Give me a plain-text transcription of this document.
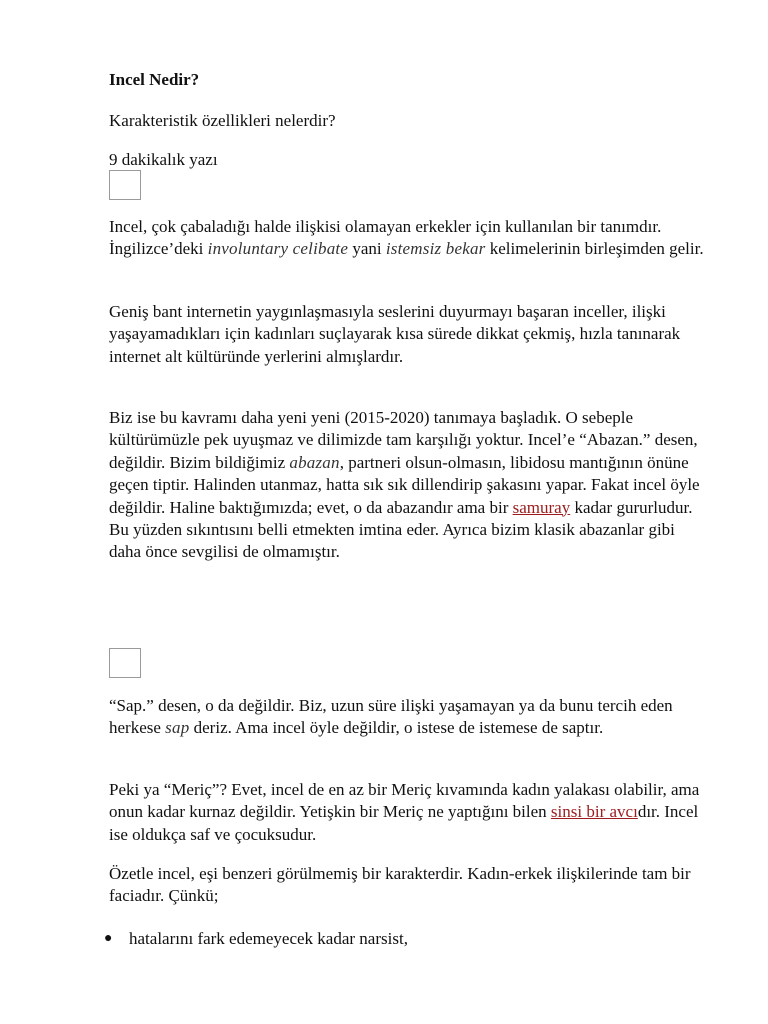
Incel Nedir?

Karakteristik özellikleri nelerdir?

9 dakikalık yazı

Incel, çok çabaladığı halde ilişkisi olamayan erkekler için kullanılan bir tanımdır. İngilizce’deki involuntary celibate yani istemsiz bekar kelimelerinin birleşimden gelir.

Geniş bant internetin yaygınlaşmasıyla seslerini duyurmayı başaran inceller, ilişki yaşayamadıkları için kadınları suçlayarak kısa sürede dikkat çekmiş, hızla tanınarak internet alt kültüründe yerlerini almışlardır.

Biz ise bu kavramı daha yeni yeni (2015-2020) tanımaya başladık. O sebeple kültürümüzle pek uyuşmaz ve dilimizde tam karşılığı yoktur. Incel’e “Abazan.” desen, değildir. Bizim bildiğimiz abazan, partneri olsun-olmasın, libidosu mantığının önüne geçen tiptir. Halinden utanmaz, hatta sık sık dillendirip şakasını yapar. Fakat incel öyle değildir. Haline baktığımızda; evet, o da abazandır ama bir samuray kadar gururludur. Bu yüzden sıkıntısını belli etmekten imtina eder. Ayrıca bizim klasik abazanlar gibi daha önce sevgilisi de olmamıştır.

“Sap.” desen, o da değildir. Biz, uzun süre ilişki yaşamayan ya da bunu tercih eden herkese sap deriz. Ama incel öyle değildir, o istese de istemese de saptır.

Peki ya “Meriç”? Evet, incel de en az bir Meriç kıvamında kadın yalakası olabilir, ama onun kadar kurnaz değildir. Yetişkin bir Meriç ne yaptığını bilen sinsi bir avcıdır. Incel ise oldukça saf ve çocuksudur.

Özetle incel, eşi benzeri görülmemiş bir karakterdir. Kadın-erkek ilişkilerinde tam bir faciadır. Çünkü;

● hatalarını fark edemeyecek kadar narsist,
